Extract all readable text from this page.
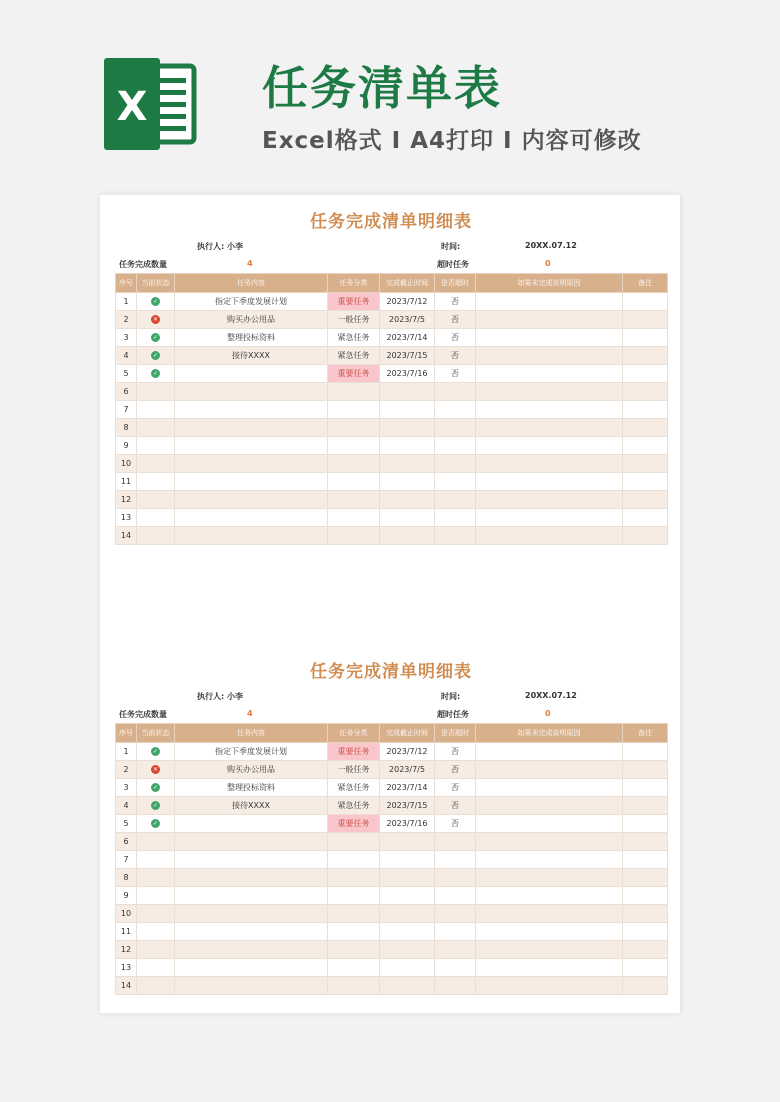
X 任务清单表
Excel格式 I A4打印 I 内容可修改
任务完成清单明细表
执行人: 小李	时间:	20XX.07.12
任务完成数量	4	超时任务	0
序号	当前状态	任务内容	任务分类	完成截止时间	是否超时	如果未完成说明原因	备注
1	✓	指定下季度发展计划	重要任务	2023/7/12	否		
2	✕	购买办公用品	一般任务	2023/7/5	否		
3	✓	整理投标资料	紧急任务	2023/7/14	否		
4	✓	接待XXXX	紧急任务	2023/7/15	否		
5	✓		重要任务	2023/7/16	否		
6							
7							
8							
9							
10							
11							
12							
13							
14							
任务完成清单明细表
执行人: 小李	时间:	20XX.07.12
任务完成数量	4	超时任务	0
序号	当前状态	任务内容	任务分类	完成截止时间	是否超时	如果未完成说明原因	备注
1	✓	指定下季度发展计划	重要任务	2023/7/12	否		
2	✕	购买办公用品	一般任务	2023/7/5	否		
3	✓	整理投标资料	紧急任务	2023/7/14	否		
4	✓	接待XXXX	紧急任务	2023/7/15	否		
5	✓		重要任务	2023/7/16	否		
6							
7							
8							
9							
10							
11							
12							
13							
14							
